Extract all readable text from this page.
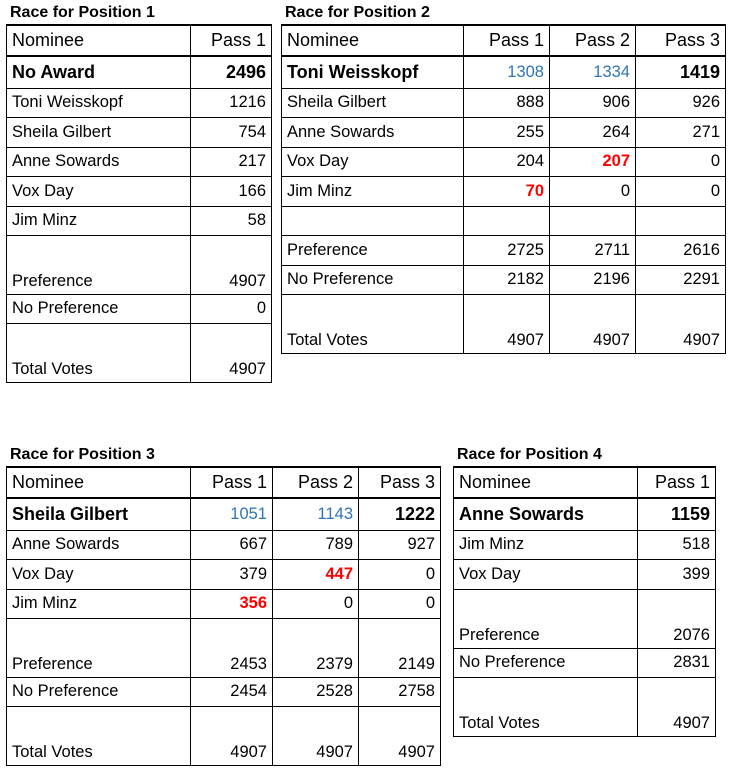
Race for Position 1
Nominee	Pass 1
No Award	2496
Toni Weisskopf	1216
Sheila Gilbert	754
Anne Sowards	217
Vox Day	166
Jim Minz	58
Preference	4907
No Preference	0
Total Votes	4907
Race for Position 2
Nominee	Pass 1	Pass 2	Pass 3
Toni Weisskopf	1308	1334	1419
Sheila Gilbert	888	906	926
Anne Sowards	255	264	271
Vox Day	204	207	0
Jim Minz	70	0	0

Preference	2725	2711	2616
No Preference	2182	2196	2291
Total Votes	4907	4907	4907
Race for Position 3
Nominee	Pass 1	Pass 2	Pass 3
Sheila Gilbert	1051	1143	1222
Anne Sowards	667	789	927
Vox Day	379	447	0
Jim Minz	356	0	0
Preference	2453	2379	2149
No Preference	2454	2528	2758
Total Votes	4907	4907	4907
Race for Position 4
Nominee	Pass 1
Anne Sowards	1159
Jim Minz	518
Vox Day	399
Preference	2076
No Preference	2831
Total Votes	4907
